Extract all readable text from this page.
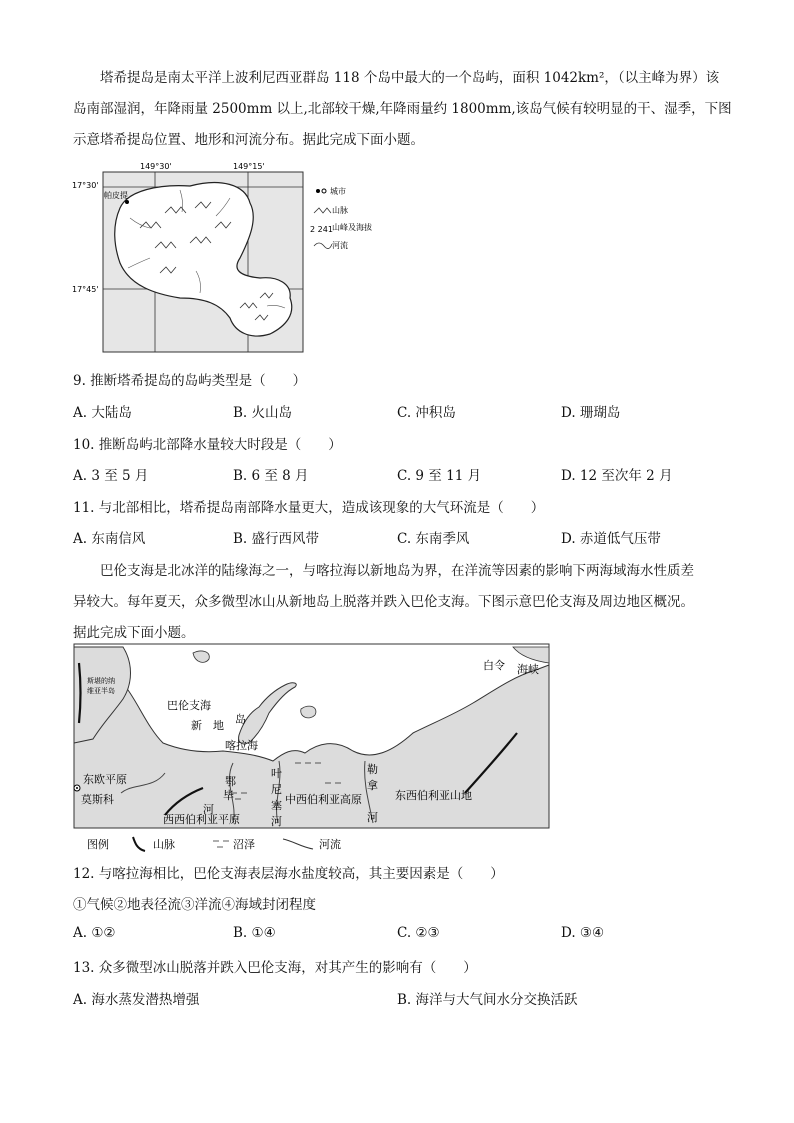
塔希提岛是南太平洋上波利尼西亚群岛 118 个岛中最大的一个岛屿，面积 1042km²，（以主峰为界）该
岛南部湿润，年降雨量 2500mm 以上,北部较干燥,年降雨量约 1800mm,该岛气候有较明显的干、湿季，下图
示意塔希提岛位置、地形和河流分布。据此完成下面小题。
149°30'	149°15'
17°30'
17°45'
帕皮提	城市
山脉
2 241 山峰及海拔
河流
9. 推断塔希提岛的岛屿类型是（　　）
A. 大陆岛	B. 火山岛	C. 冲积岛	D. 珊瑚岛
10. 推断岛屿北部降水量较大时段是（　　）
A. 3 至 5 月	B. 6 至 8 月	C. 9 至 11 月	D. 12 至次年 2 月
11. 与北部相比，塔希提岛南部降水量更大，造成该现象的大气环流是（　　）
A. 东南信风	B. 盛行西风带	C. 东南季风	D. 赤道低气压带
巴伦支海是北冰洋的陆缘海之一，与喀拉海以新地岛为界，在洋流等因素的影响下两海域海水性质差
异较大。每年夏天，众多微型冰山从新地岛上脱落并跌入巴伦支海。下图示意巴伦支海及周边地区概况。
据此完成下面小题。
斯堪的纳
维亚半岛
巴伦支海
新 地 岛
喀拉海
白令 海峡
东欧平原
莫斯科
鄂
毕
河
叶
尼
塞
河
勒
拿
河
中西伯利亚高原	东西伯利亚山地
西西伯利亚平原
图例	山脉	沼泽	河流
12. 与喀拉海相比，巴伦支海表层海水盐度较高，其主要因素是（　　）
①气候②地表径流③洋流④海域封闭程度
A. ①②	B. ①④	C. ②③	D. ③④
13. 众多微型冰山脱落并跌入巴伦支海，对其产生的影响有（　　）
A. 海水蒸发潜热增强	B. 海洋与大气间水分交换活跃
